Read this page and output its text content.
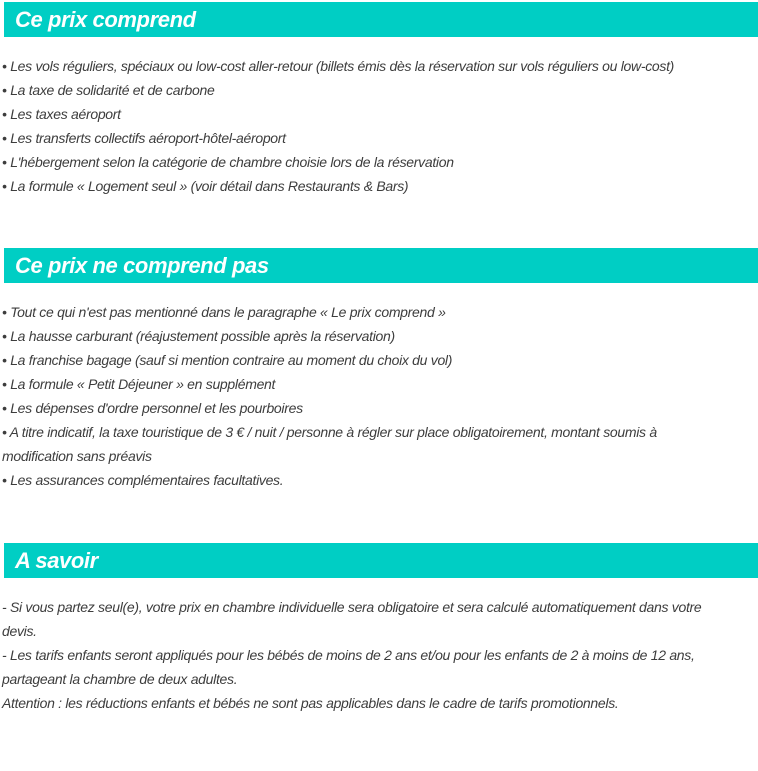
Ce prix comprend
• Les vols réguliers, spéciaux ou low-cost aller-retour (billets émis dès la réservation sur vols réguliers ou low-cost)
• La taxe de solidarité et de carbone
• Les taxes aéroport
• Les transferts collectifs aéroport-hôtel-aéroport
• L'hébergement selon la catégorie de chambre choisie lors de la réservation
• La formule « Logement seul » (voir détail dans Restaurants & Bars)
Ce prix ne comprend pas
• Tout ce qui n'est pas mentionné dans le paragraphe « Le prix comprend »
• La hausse carburant (réajustement possible après la réservation)
• La franchise bagage (sauf si mention contraire au moment du choix du vol)
• La formule « Petit Déjeuner » en supplément
• Les dépenses d'ordre personnel et les pourboires
• A titre indicatif, la taxe touristique de 3 € / nuit / personne à régler sur place obligatoirement, montant soumis à
modification sans préavis
• Les assurances complémentaires facultatives.
A savoir
- Si vous partez seul(e), votre prix en chambre individuelle sera obligatoire et sera calculé automatiquement dans votre
devis.
- Les tarifs enfants seront appliqués pour les bébés de moins de 2 ans et/ou pour les enfants de 2 à moins de 12 ans,
partageant la chambre de deux adultes.
Attention : les réductions enfants et bébés ne sont pas applicables dans le cadre de tarifs promotionnels.
